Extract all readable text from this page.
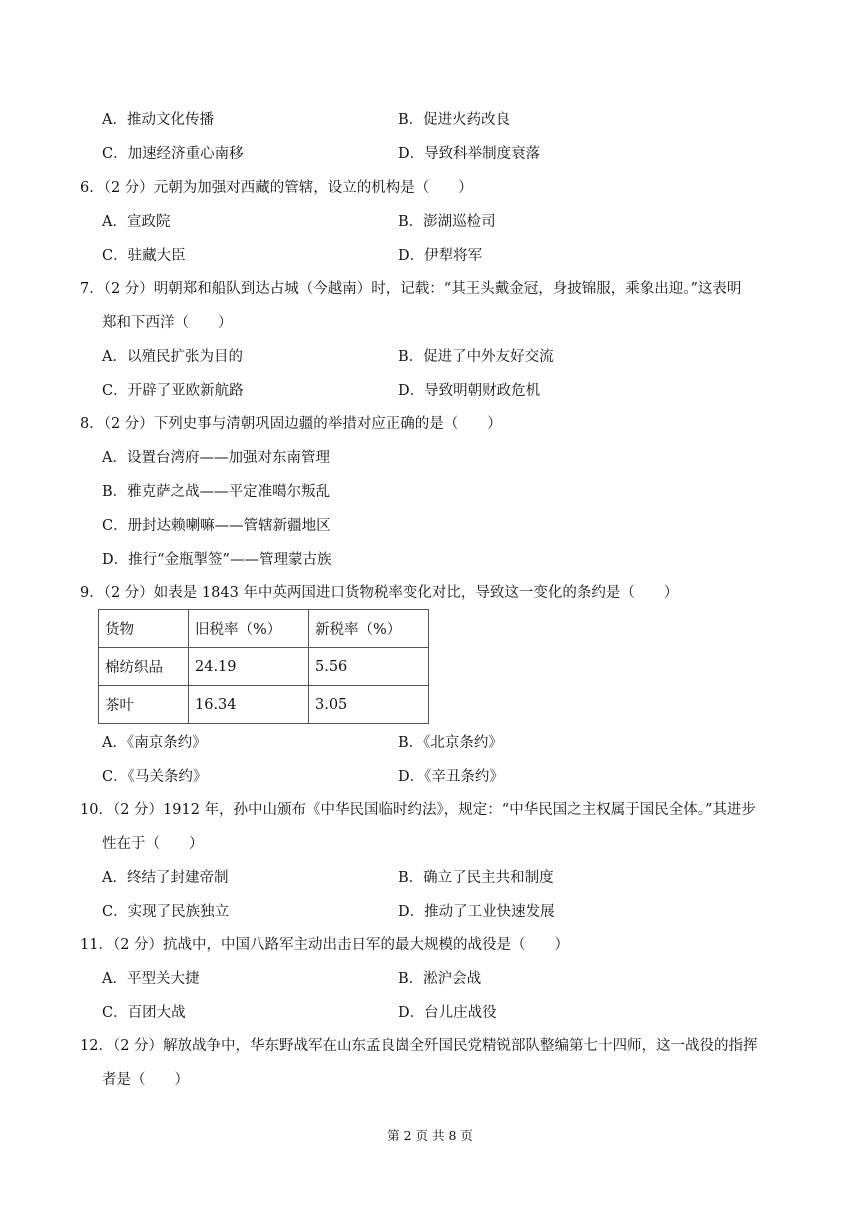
A．推动文化传播	B．促进火药改良
C．加速经济重心南移	D．导致科举制度衰落
6．（2 分）元朝为加强对西藏的管辖，设立的机构是（　　）
A．宣政院	B．澎湖巡检司
C．驻藏大臣	D．伊犁将军
7．（2 分）明朝郑和船队到达占城（今越南）时，记载：“其王头戴金冠，身披锦服，乘象出迎。”这表明
郑和下西洋（　　）
A．以殖民扩张为目的	B．促进了中外友好交流
C．开辟了亚欧新航路	D．导致明朝财政危机
8．（2 分）下列史事与清朝巩固边疆的举措对应正确的是（　　）
A．设置台湾府——加强对东南管理
B．雅克萨之战——平定准噶尔叛乱
C．册封达赖喇嘛——管辖新疆地区
D．推行“金瓶掣签”——管理蒙古族
9．（2 分）如表是 1843 年中英两国进口货物税率变化对比，导致这一变化的条约是（　　）
货物	旧税率（%）	新税率（%）
棉纺织品	24.19	5.56
茶叶	16.34	3.05
A．《南京条约》	B．《北京条约》
C．《马关条约》	D．《辛丑条约》
10．（2 分）1912 年，孙中山颁布《中华民国临时约法》，规定：“中华民国之主权属于国民全体。”其进步
性在于（　　）
A．终结了封建帝制	B．确立了民主共和制度
C．实现了民族独立	D．推动了工业快速发展
11．（2 分）抗战中，中国八路军主动出击日军的最大规模的战役是（　　）
A．平型关大捷	B．淞沪会战
C．百团大战	D．台儿庄战役
12．（2 分）解放战争中，华东野战军在山东孟良崮全歼国民党精锐部队整编第七十四师，这一战役的指挥
者是（　　）
第 2 页 共 8 页
